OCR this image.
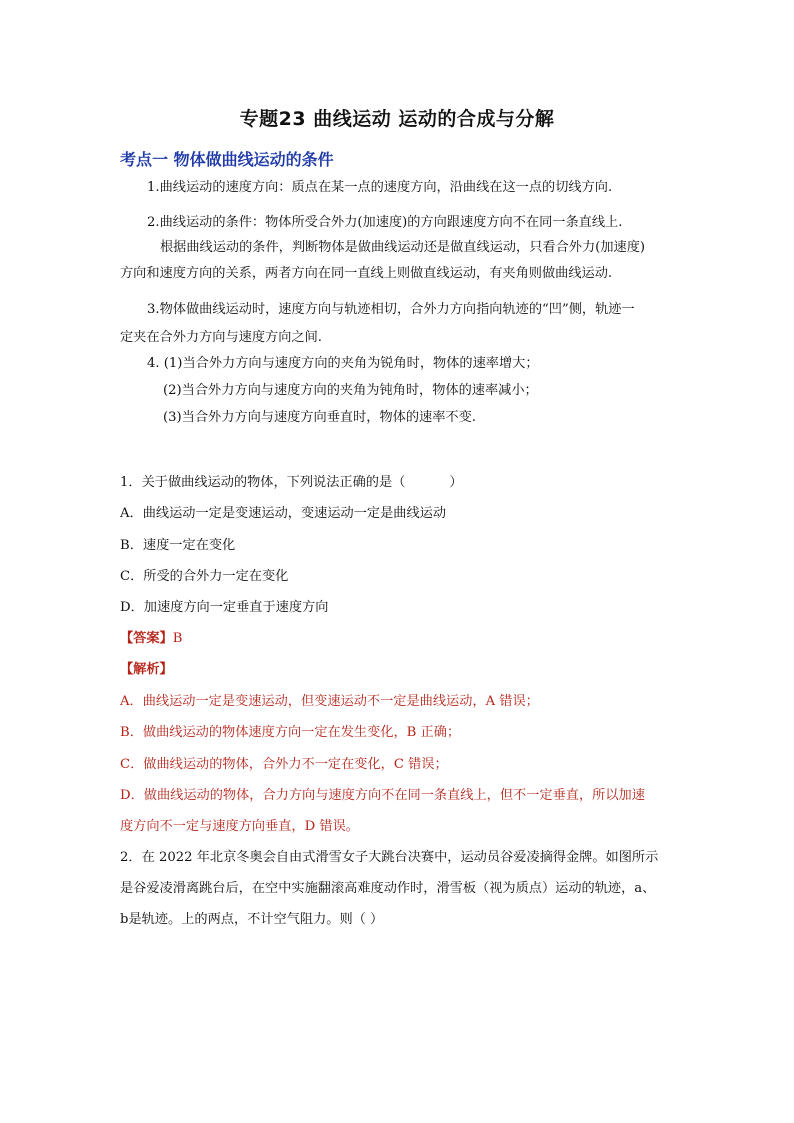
专题23 曲线运动 运动的合成与分解
考点一 物体做曲线运动的条件
1.曲线运动的速度方向：质点在某一点的速度方向，沿曲线在这一点的切线方向.
2.曲线运动的条件：物体所受合外力(加速度)的方向跟速度方向不在同一条直线上.
根据曲线运动的条件，判断物体是做曲线运动还是做直线运动，只看合外力(加速度)
方向和速度方向的关系，两者方向在同一直线上则做直线运动，有夹角则做曲线运动.
3.物体做曲线运动时，速度方向与轨迹相切，合外力方向指向轨迹的“凹”侧，轨迹一
定夹在合外力方向与速度方向之间.
4. (1)当合外力方向与速度方向的夹角为锐角时，物体的速率增大；
(2)当合外力方向与速度方向的夹角为钝角时，物体的速率减小；
(3)当合外力方向与速度方向垂直时，物体的速率不变.
1．关于做曲线运动的物体，下列说法正确的是（	）
A．曲线运动一定是变速运动，变速运动一定是曲线运动
B．速度一定在变化
C．所受的合外力一定在变化
D．加速度方向一定垂直于速度方向
【答案】B
【解析】
A．曲线运动一定是变速运动，但变速运动不一定是曲线运动，A 错误；
B．做曲线运动的物体速度方向一定在发生变化，B 正确；
C．做曲线运动的物体，合外力不一定在变化，C 错误；
D．做曲线运动的物体，合力方向与速度方向不在同一条直线上，但不一定垂直，所以加速
度方向不一定与速度方向垂直，D 错误。
2．在 2022 年北京冬奥会自由式滑雪女子大跳台决赛中，运动员谷爱凌摘得金牌。如图所示
是谷爱凌滑离跳台后，在空中实施翻滚高难度动作时，滑雪板（视为质点）运动的轨迹，a、
b是轨迹。上的两点，不计空气阻力。则（ ）
